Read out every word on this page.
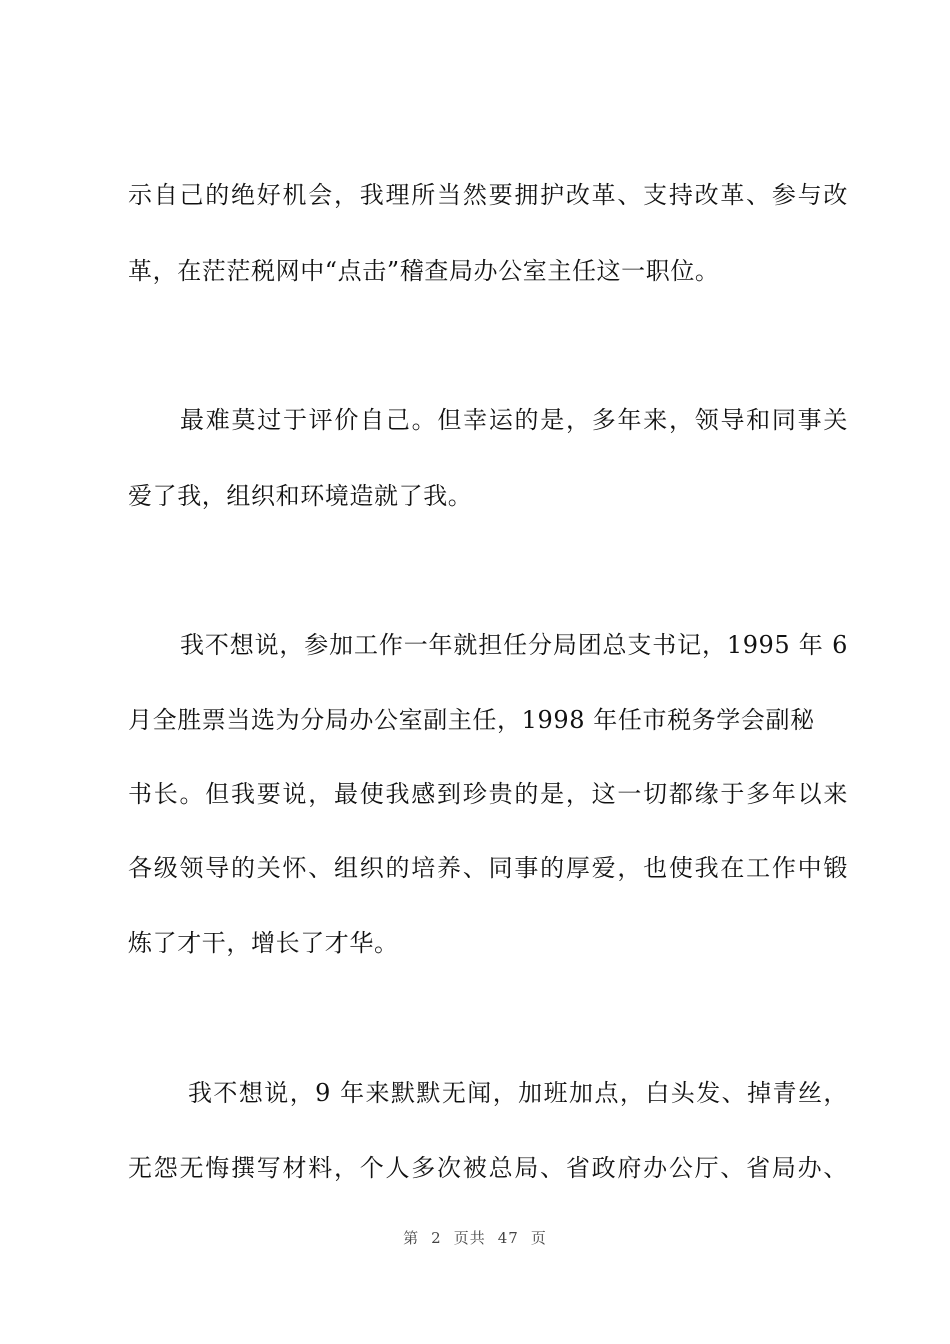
示自己的绝好机会，我理所当然要拥护改革、支持改革、参与改
革，在茫茫税网中“点击”稽查局办公室主任这一职位。
最难莫过于评价自己。但幸运的是，多年来，领导和同事关
爱了我，组织和环境造就了我。
我不想说，参加工作一年就担任分局团总支书记，1995 年 6
月全胜票当选为分局办公室副主任，1998 年任市税务学会副秘
书长。但我要说，最使我感到珍贵的是，这一切都缘于多年以来
各级领导的关怀、组织的培养、同事的厚爱，也使我在工作中锻
炼了才干，增长了才华。
我不想说，9 年来默默无闻，加班加点，白头发、掉青丝，
无怨无悔撰写材料，个人多次被总局、省政府办公厅、省局办、
第 2 页共 47 页
